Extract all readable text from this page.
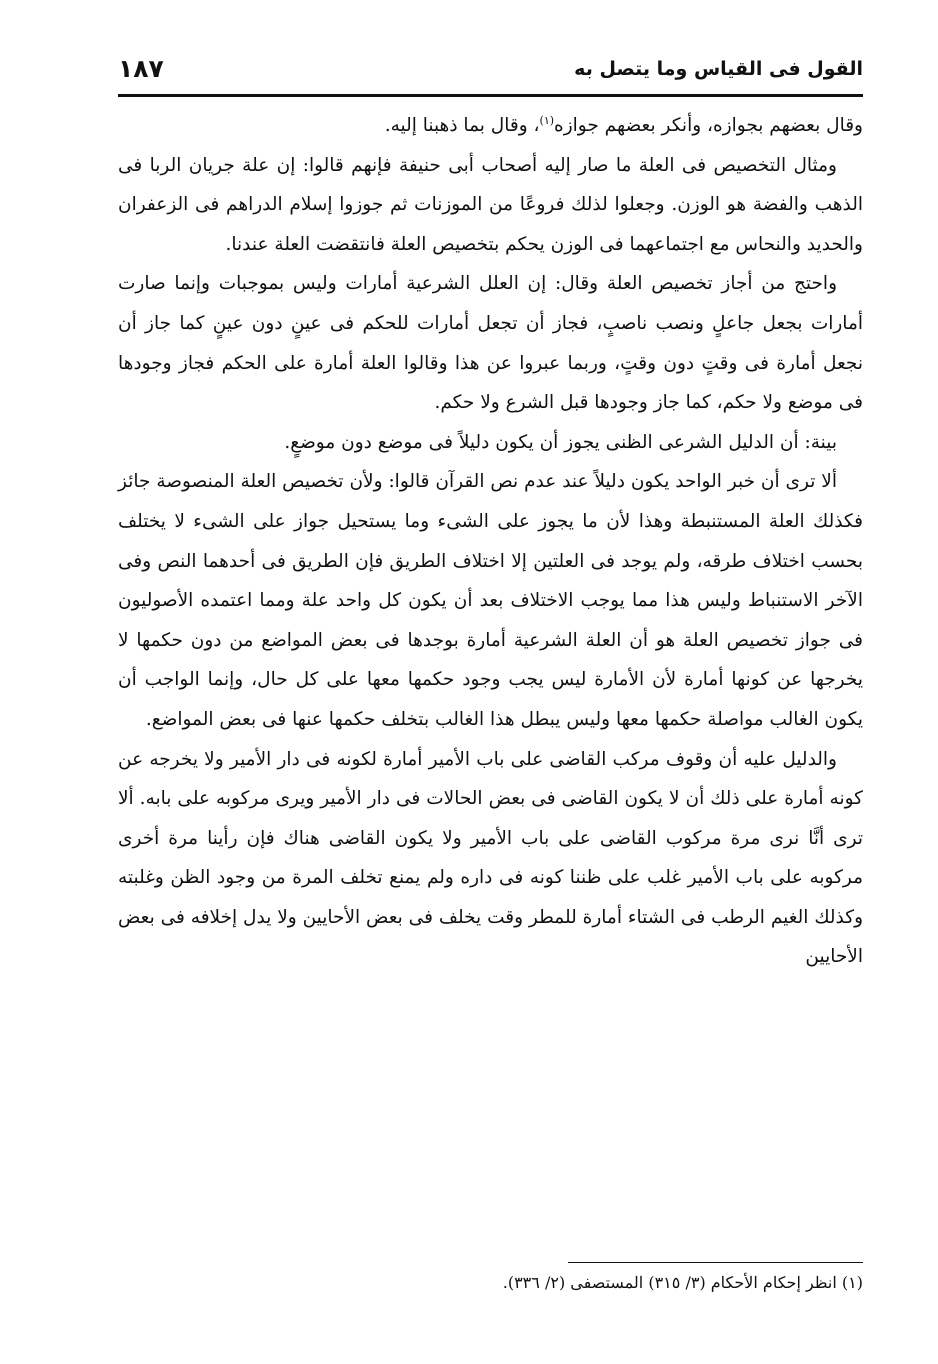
القول فى القياس وما يتصل به
١٨٧

وقال بعضهم بجوازه، وأنكر بعضهم جوازه$^{(١)}$، وقال بما ذهبنا إليه.

ومثال التخصيص فى العلة ما صار إليه أصحاب أبى حنيفة فإنهم قالوا: إن علة جريان الربا فى الذهب والفضة هو الوزن. وجعلوا لذلك فروعًا من الموزنات ثم جوزوا إسلام الدراهم فى الزعفران والحديد والنحاس مع اجتماعهما فى الوزن يحكم بتخصيص العلة فانتقضت العلة عندنا.

واحتج من أجاز تخصيص العلة وقال: إن العلل الشرعية أمارات وليس بموجبات وإنما صارت أمارات بجعل جاعلٍ ونصب ناصبٍ، فجاز أن تجعل أمارات للحكم فى عينٍ دون عينٍ كما جاز أن نجعل أمارة فى وقتٍ دون وقتٍ، وربما عبروا عن هذا وقالوا العلة أمارة على الحكم فجاز وجودها فى موضع ولا حكم، كما جاز وجودها قبل الشرع ولا حكم.

بينة: أن الدليل الشرعى الظنى يجوز أن يكون دليلاً فى موضع دون موضعٍ.

ألا ترى أن خبر الواحد يكون دليلاً عند عدم نص القرآن قالوا: ولأن تخصيص العلة المنصوصة جائز فكذلك العلة المستنبطة وهذا لأن ما يجوز على الشىء وما يستحيل جواز على الشىء لا يختلف بحسب اختلاف طرقه، ولم يوجد فى العلتين إلا اختلاف الطريق فإن الطريق فى أحدهما النص وفى الآخر الاستنباط وليس هذا مما يوجب الاختلاف بعد أن يكون كل واحد علة ومما اعتمده الأصوليون فى جواز تخصيص العلة هو أن العلة الشرعية أمارة بوجدها فى بعض المواضع من دون حكمها لا يخرجها عن كونها أمارة لأن الأمارة ليس يجب وجود حكمها معها على كل حال، وإنما الواجب أن يكون الغالب مواصلة حكمها معها وليس يبطل هذا الغالب بتخلف حكمها عنها فى بعض المواضع.

والدليل عليه أن وقوف مركب القاضى على باب الأمير أمارة لكونه فى دار الأمير ولا يخرجه عن كونه أمارة على ذلك أن لا يكون القاضى فى بعض الحالات فى دار الأمير ويرى مركوبه على بابه. ألا ترى أنَّا نرى مرة مركوب القاضى على باب الأمير ولا يكون القاضى هناك فإن رأينا مرة أخرى مركوبه على باب الأمير غلب على ظننا كونه فى داره ولم يمنع تخلف المرة من وجود الظن وغلبته وكذلك الغيم الرطب فى الشتاء أمارة للمطر وقت يخلف فى بعض الأحايين ولا يدل إخلافه فى بعض الأحايين

(١) انظر إحكام الأحكام (٣/ ٣١٥) المستصفى (٢/ ٣٣٦).
